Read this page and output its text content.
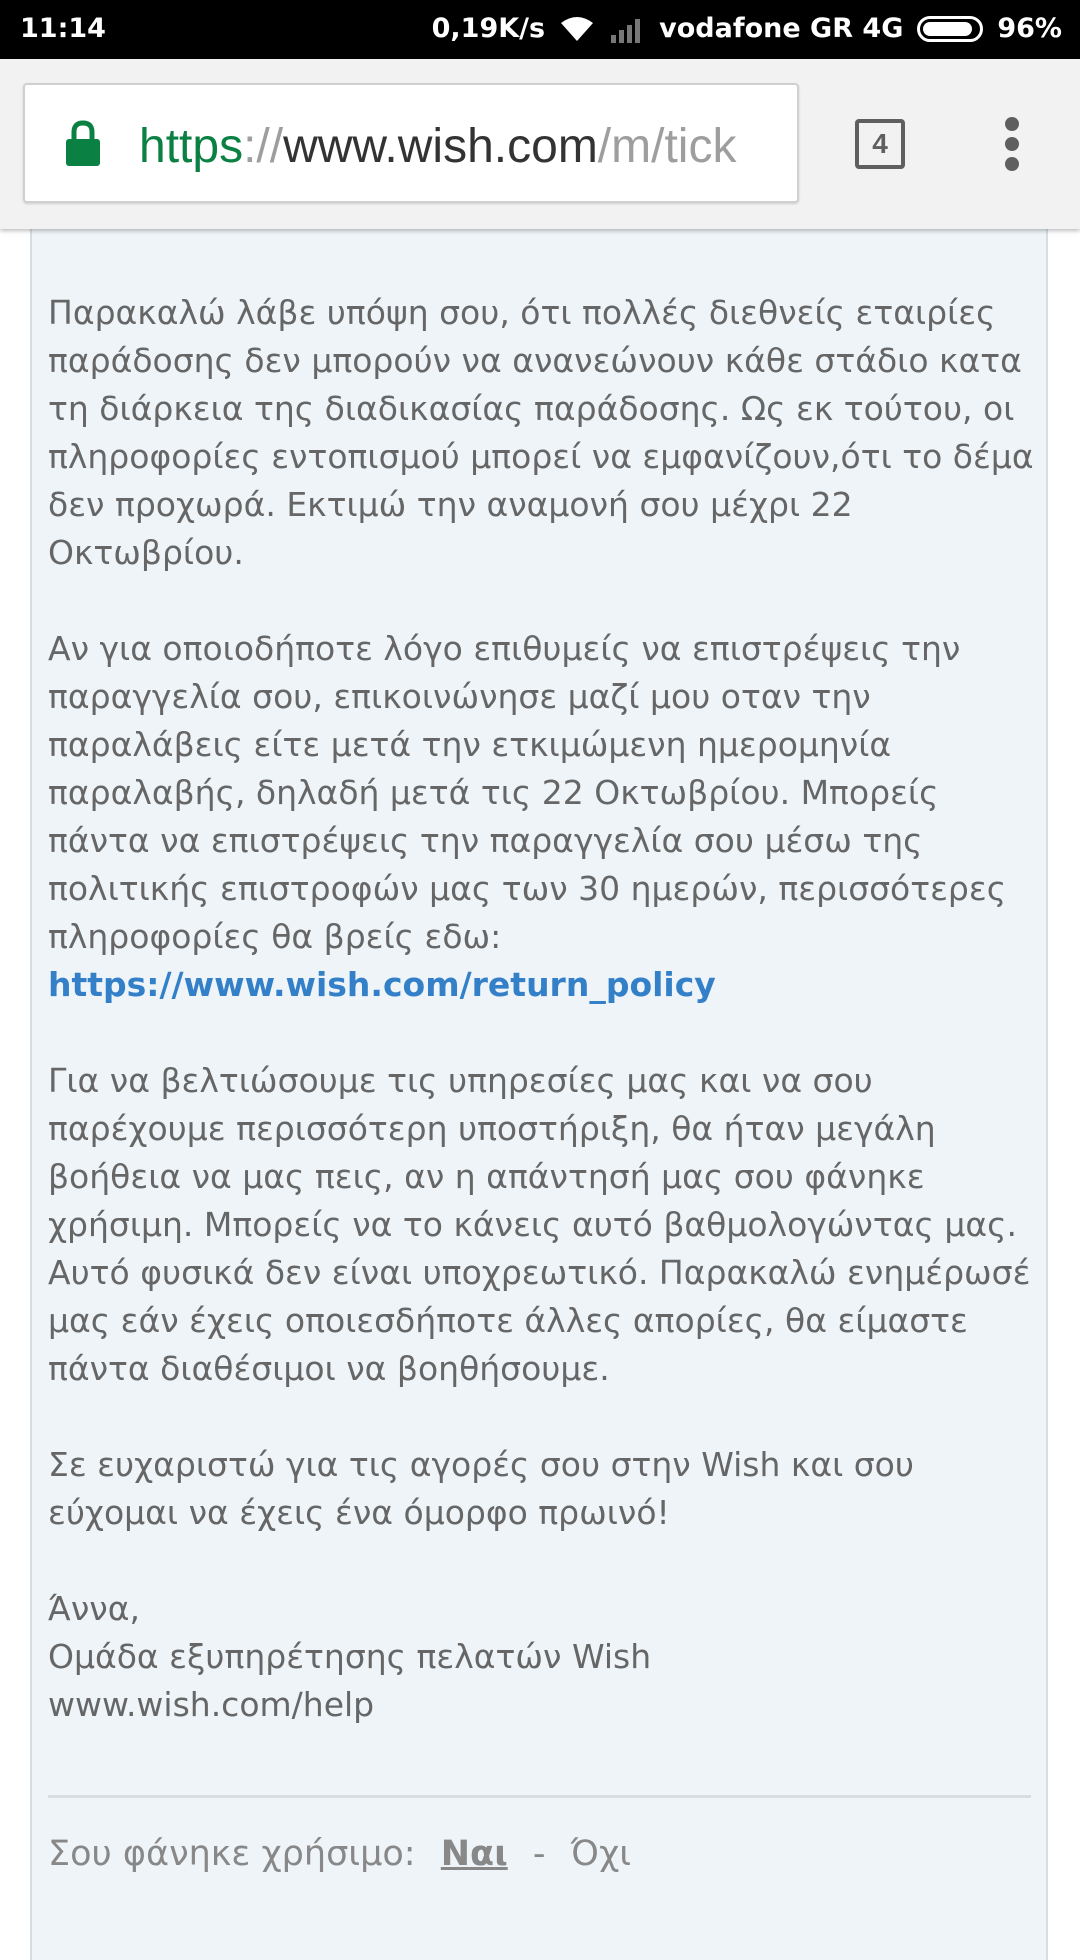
11:14	0,19K/s	vodafone GR 4G	96%
https://www.wish.com/m/tick	4

Παρακαλώ λάβε υπόψη σου, ότι πολλές διεθνείς εταιρίες παράδοσης δεν μπορούν να ανανεώνουν κάθε στάδιο κατα τη διάρκεια της διαδικασίας παράδοσης. Ως εκ τούτου, οι πληροφορίες εντοπισμού μπορεί να εμφανίζουν,ότι το δέμα δεν προχωρά. Εκτιμώ την αναμονή σου μέχρι 22 Οκτωβρίου.

Αν για οποιοδήποτε λόγο επιθυμείς να επιστρέψεις την παραγγελία σου, επικοινώνησε μαζί μου οταν την παραλάβεις είτε μετά την ετκιμώμενη ημερομηνία παραλαβής, δηλαδή μετά τις 22 Οκτωβρίου. Μπορείς πάντα να επιστρέψεις την παραγγελία σου μέσω της πολιτικής επιστροφών μας των 30 ημερών, περισσότερες πληροφορίες θα βρείς εδω:
https://www.wish.com/return_policy

Για να βελτιώσουμε τις υπηρεσίες μας και να σου παρέχουμε περισσότερη υποστήριξη, θα ήταν μεγάλη βοήθεια να μας πεις, αν η απάντησή μας σου φάνηκε χρήσιμη. Μπορείς να το κάνεις αυτό βαθμολογώντας μας. Αυτό φυσικά δεν είναι υποχρεωτικό. Παρακαλώ ενημέρωσέ μας εάν έχεις οποιεσδήποτε άλλες απορίες, θα είμαστε πάντα διαθέσιμοι να βοηθήσουμε.

Σε ευχαριστώ για τις αγορές σου στην Wish και σου εύχομαι να έχεις ένα όμορφο πρωινό!

Άννα,
Ομάδα εξυπηρέτησης πελατών Wish
www.wish.com/help

Σου φάνηκε χρήσιμο: Ναι - Όχι
